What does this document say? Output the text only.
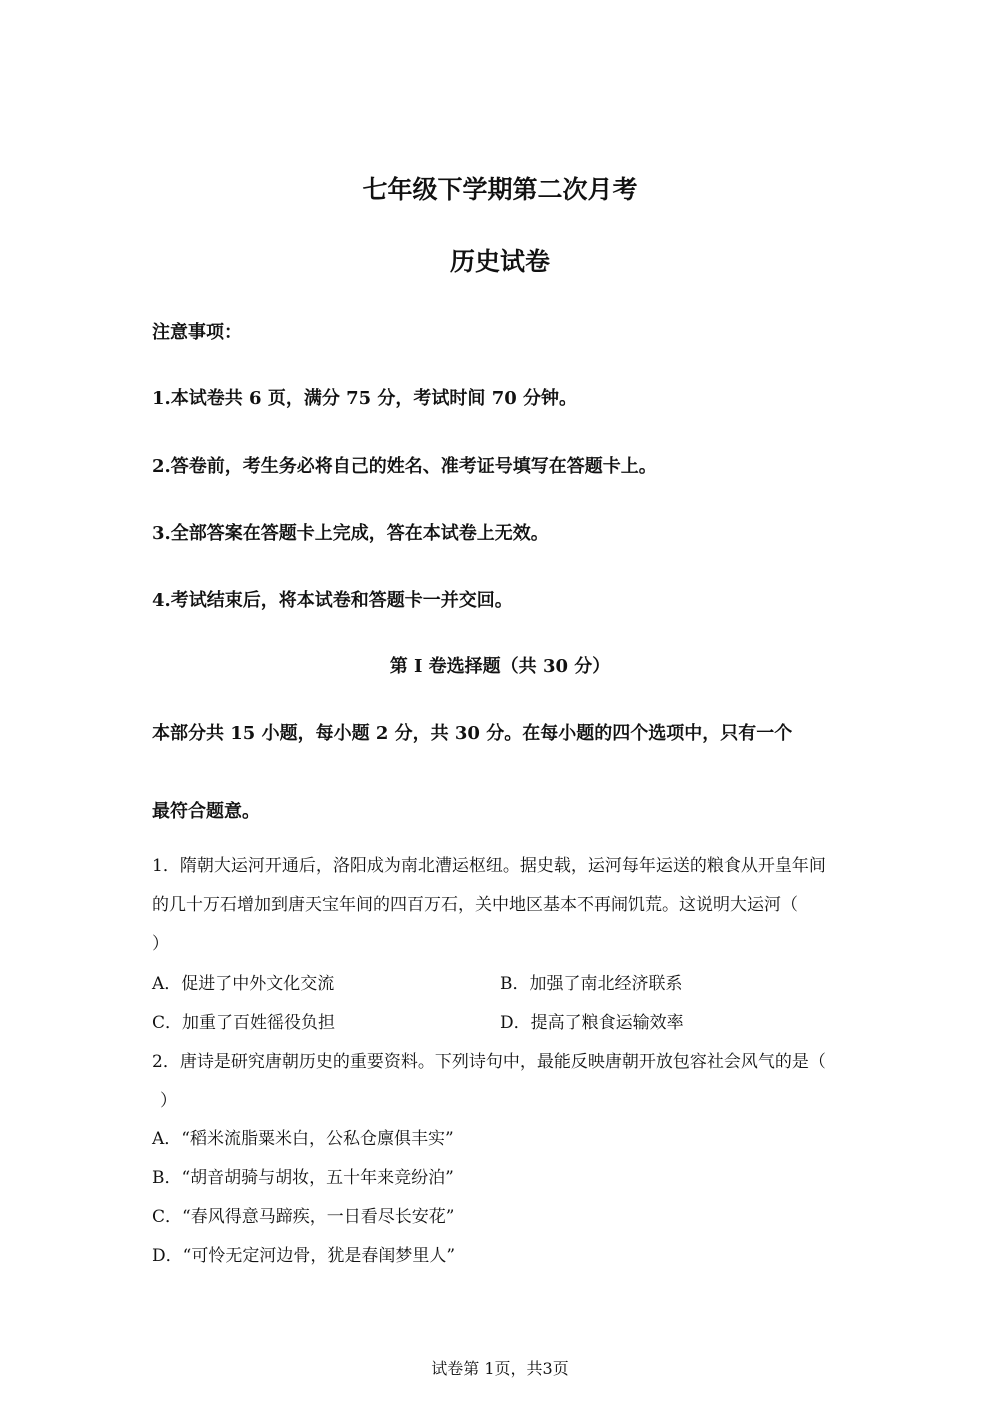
七年级下学期第二次月考
历史试卷
注意事项：
1.本试卷共 6 页，满分 75 分，考试时间 70 分钟。
2.答卷前，考生务必将自己的姓名、准考证号填写在答题卡上。
3.全部答案在答题卡上完成，答在本试卷上无效。
4.考试结束后，将本试卷和答题卡一并交回。
第 I 卷选择题（共 30 分）
本部分共 15 小题，每小题 2 分，共 30 分。在每小题的四个选项中，只有一个
最符合题意。
1．隋朝大运河开通后，洛阳成为南北漕运枢纽。据史载，运河每年运送的粮食从开皇年间
的几十万石增加到唐天宝年间的四百万石，关中地区基本不再闹饥荒。这说明大运河（
）
A．促进了中外文化交流	B．加强了南北经济联系
C．加重了百姓徭役负担	D．提高了粮食运输效率
2．唐诗是研究唐朝历史的重要资料。下列诗句中，最能反映唐朝开放包容社会风气的是（
）
A．“稻米流脂粟米白，公私仓廪俱丰实”
B．“胡音胡骑与胡妆，五十年来竞纷泊”
C．“春风得意马蹄疾，一日看尽长安花”
D．“可怜无定河边骨，犹是春闺梦里人”
试卷第 1页，共3页
